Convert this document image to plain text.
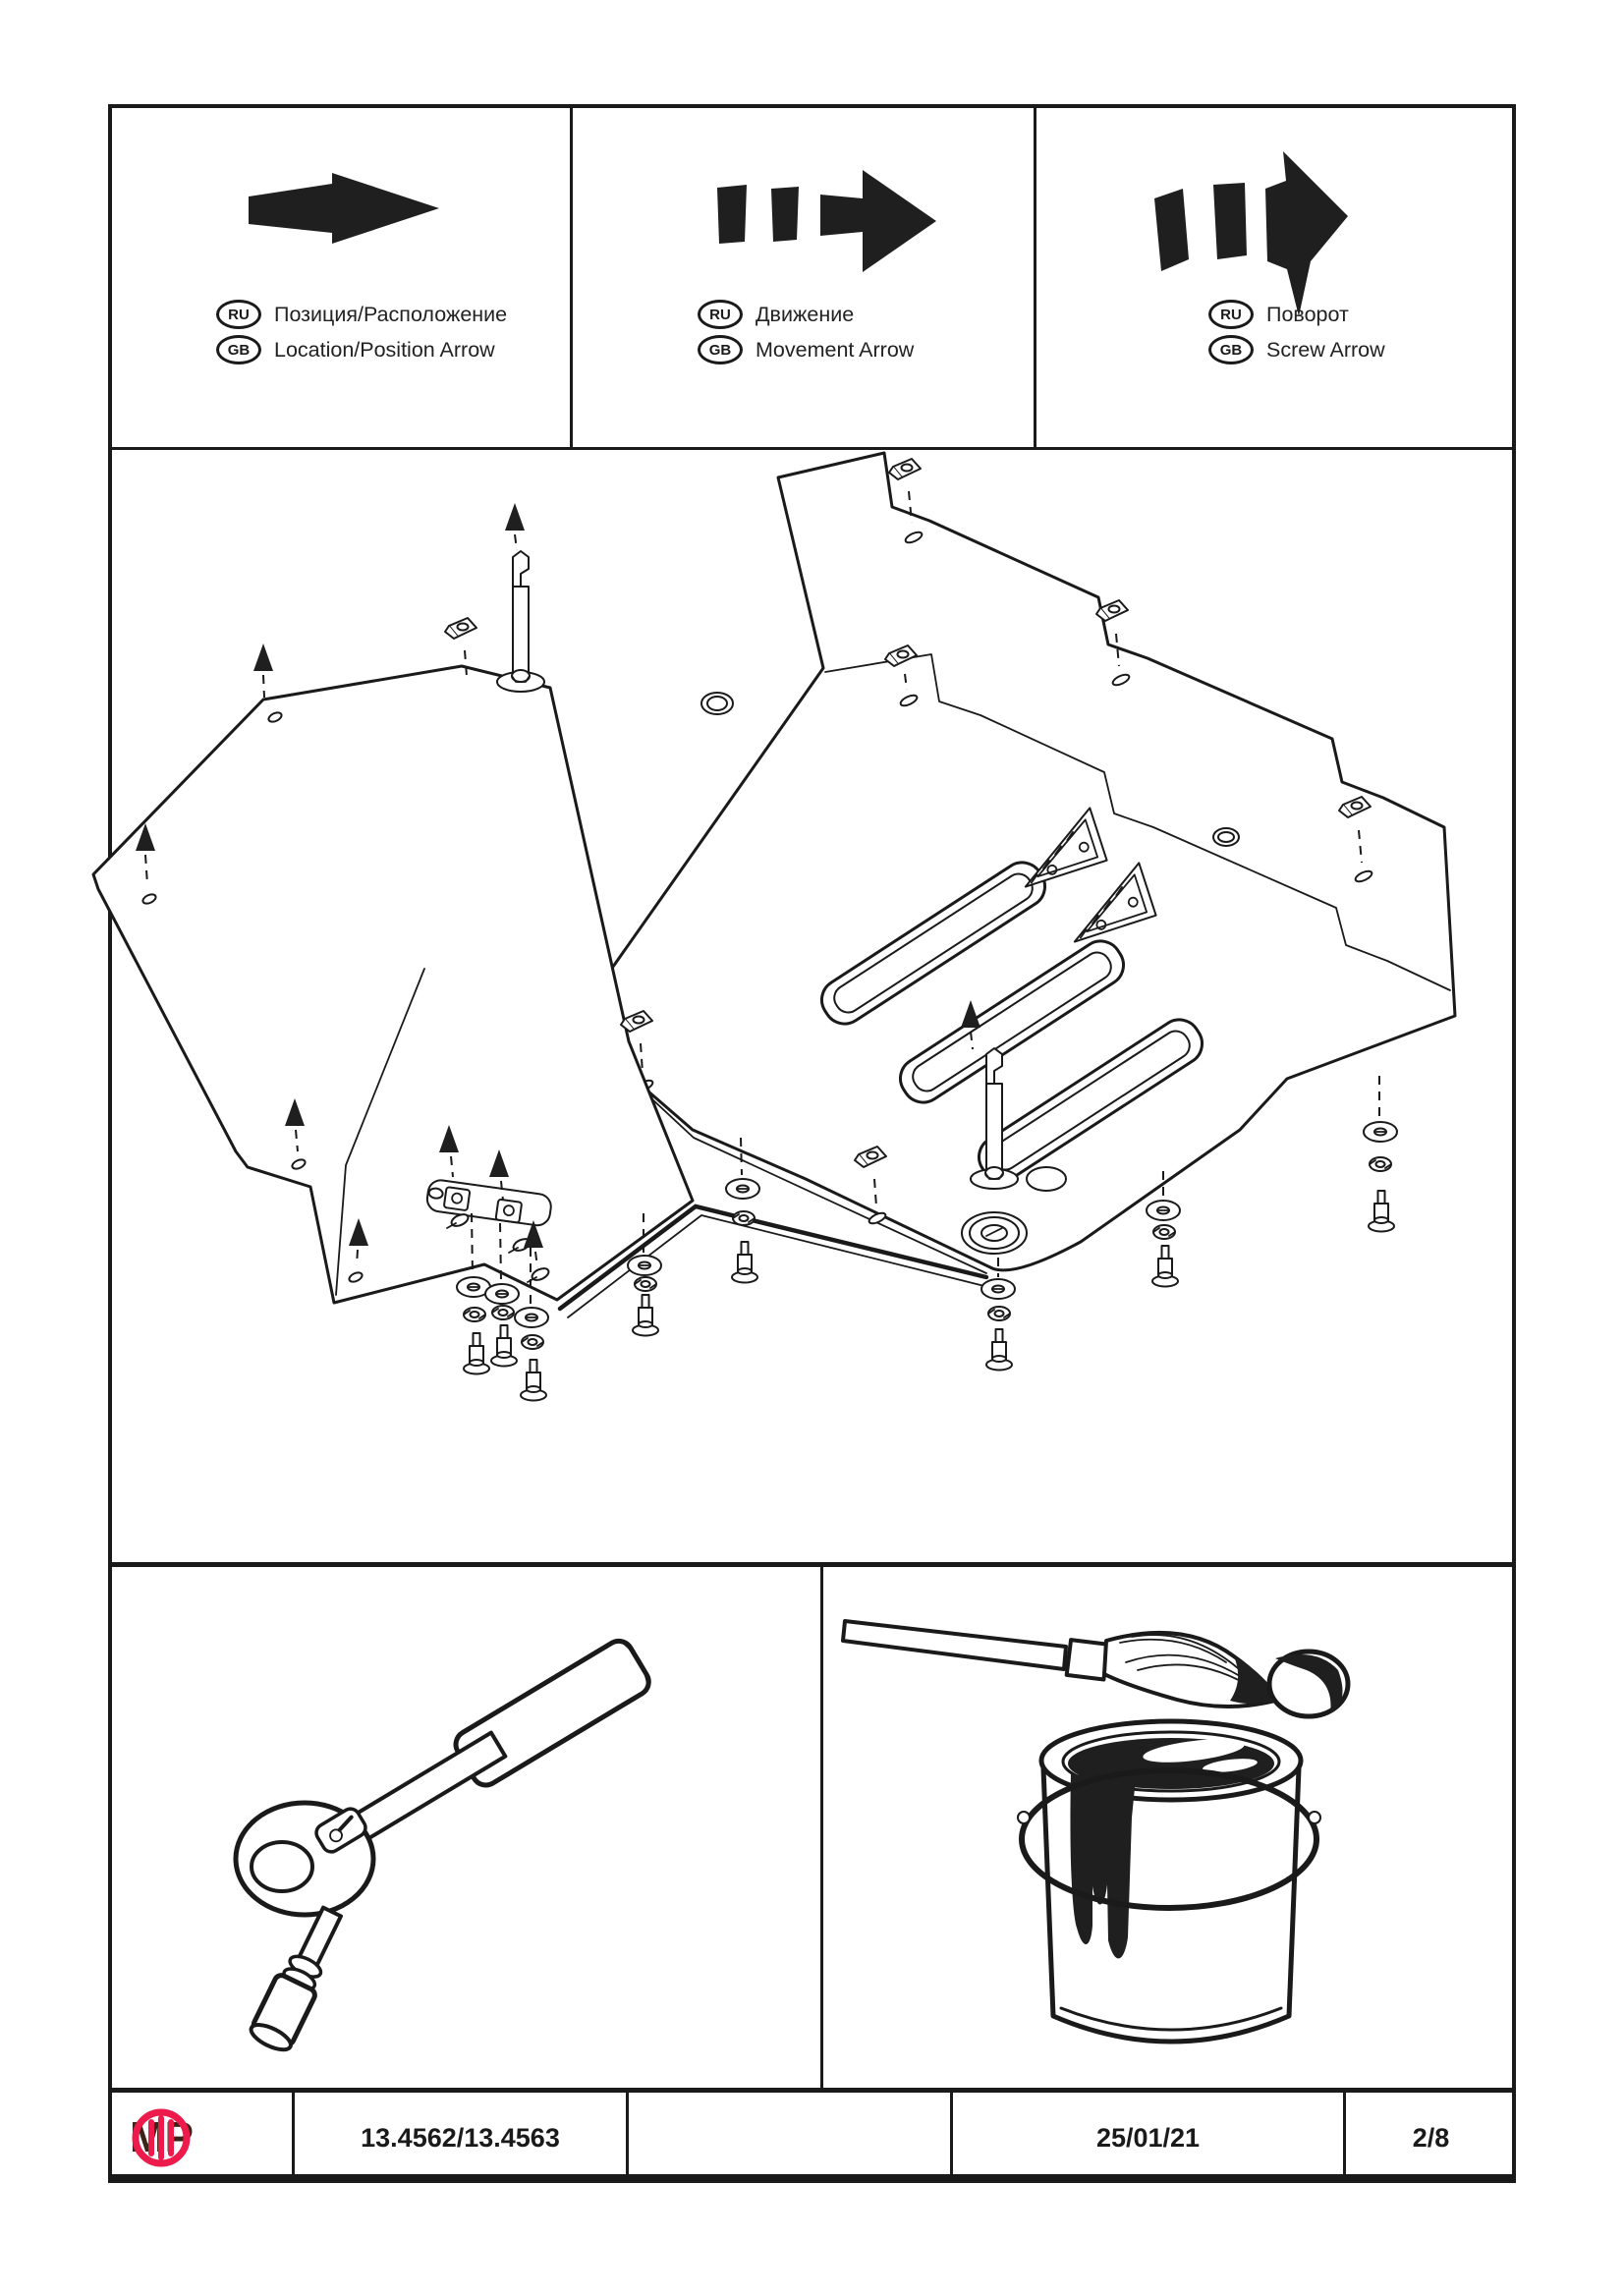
RU	Позиция/Расположение
GB	Location/Position Arrow
RU	Движение
GB	Movement Arrow
RU	Поворот
GB	Screw Arrow
MP	13.4562/13.4563	25/01/21	2/8
